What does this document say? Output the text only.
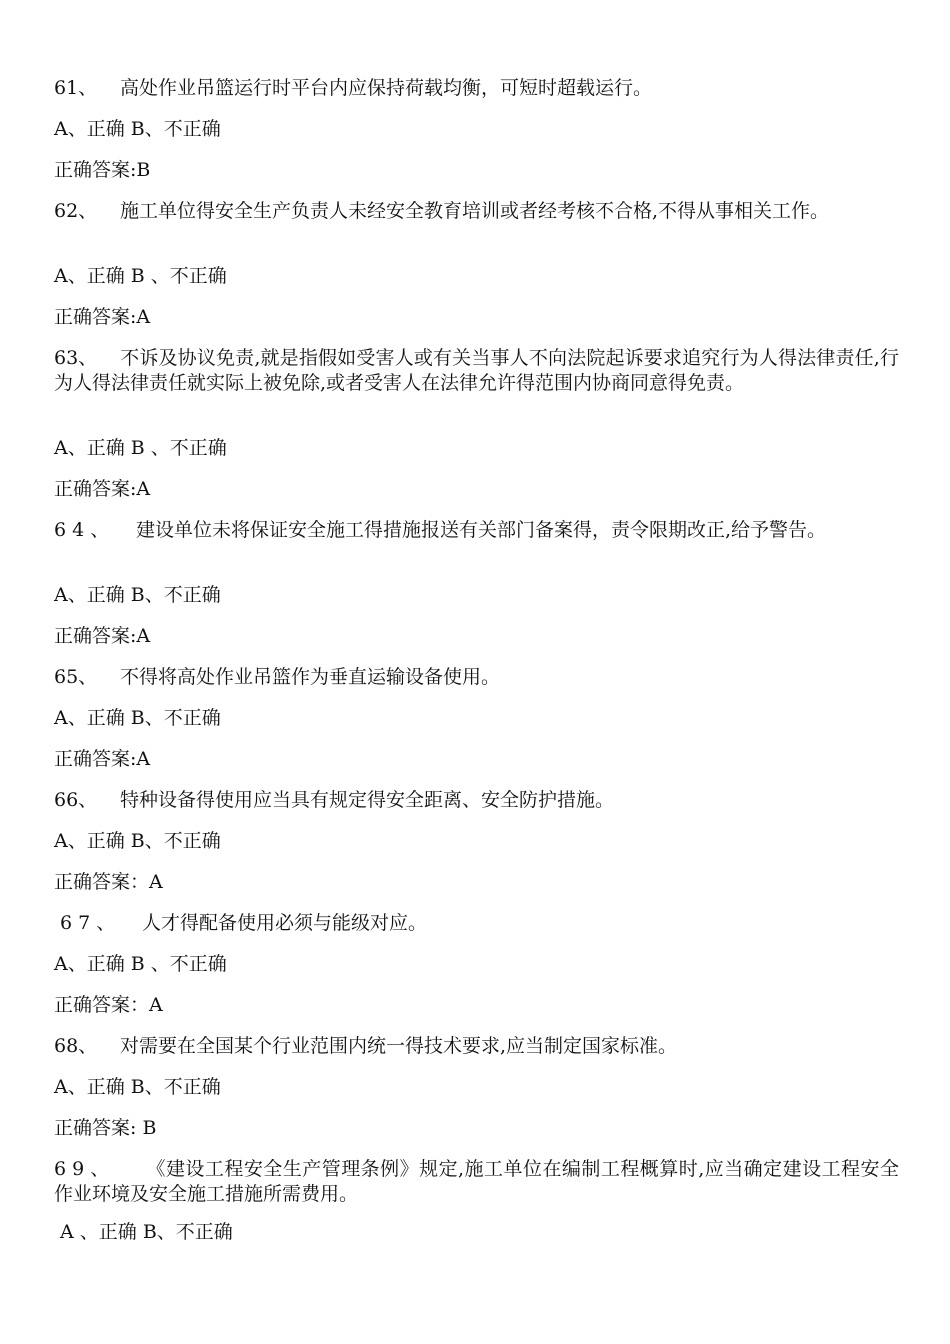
61、 高处作业吊篮运行时平台内应保持荷载均衡，可短时超载运行。

A、正确 B、不正确

正确答案:B

62、 施工单位得安全生产负责人未经安全教育培训或者经考核不合格,不得从事相关工作。

A、正确 B 、不正确

正确答案:A

63、 不诉及协议免责,就是指假如受害人或有关当事人不向法院起诉要求追究行为人得法律责任,行为人得法律责任就实际上被免除,或者受害人在法律允许得范围内协商同意得免责。

A、正确 B 、不正确

正确答案:A

6 4 、 建设单位未将保证安全施工得措施报送有关部门备案得，责令限期改正,给予警告。

A、正确 B、不正确

正确答案:A

65、 不得将高处作业吊篮作为垂直运输设备使用。

A、正确 B、不正确

正确答案:A

66、 特种设备得使用应当具有规定得安全距离、安全防护措施。

A、正确 B、不正确

正确答案：A

6 7 、 人才得配备使用必须与能级对应。

A、正确 B 、不正确

正确答案：A

68、 对需要在全国某个行业范围内统一得技术要求,应当制定国家标准。

A、正确 B、不正确

正确答案: B

6 9 、 《建设工程安全生产管理条例》规定,施工单位在编制工程概算时,应当确定建设工程安全作业环境及安全施工措施所需费用。

A 、正确 B、不正确
